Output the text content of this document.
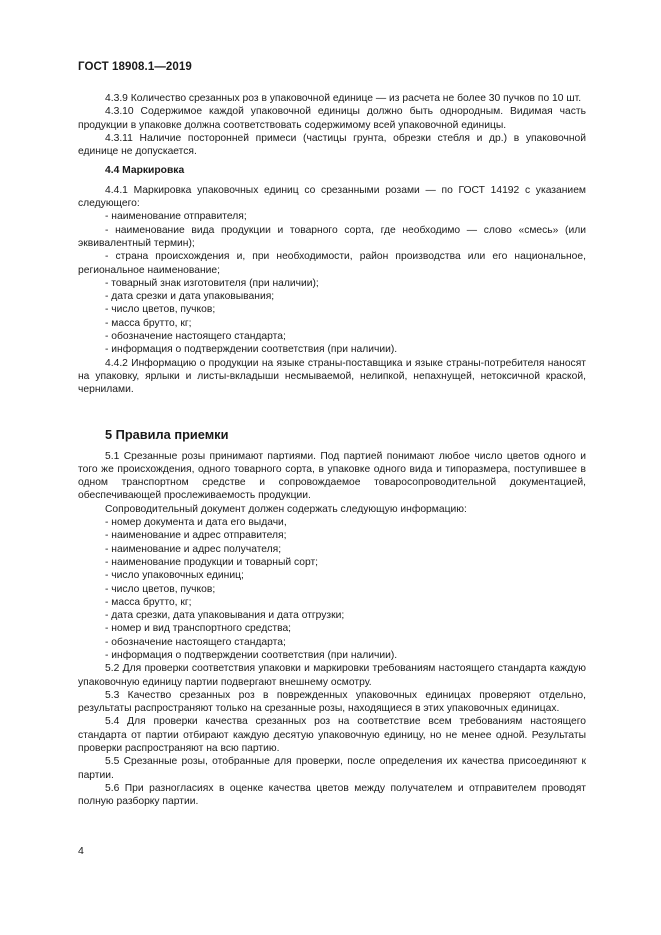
ГОСТ 18908.1—2019

4.3.9 Количество срезанных роз в упаковочной единице — из расчета не более 30 пучков по 10 шт.

4.3.10 Содержимое каждой упаковочной единицы должно быть однородным. Видимая часть продукции в упаковке должна соответствовать содержимому всей упаковочной единицы.

4.3.11 Наличие посторонней примеси (частицы грунта, обрезки стебля и др.) в упаковочной единице не допускается.

4.4 Маркировка

4.4.1 Маркировка упаковочных единиц со срезанными розами — по ГОСТ 14192 с указанием следующего:

- наименование отправителя;

- наименование вида продукции и товарного сорта, где необходимо — слово «смесь» (или эквивалентный термин);

- страна происхождения и, при необходимости, район производства или его национальное, региональное наименование;

- товарный знак изготовителя (при наличии);

- дата срезки и дата упаковывания;

- число цветов, пучков;

- масса брутто, кг;

- обозначение настоящего стандарта;

- информация о подтверждении соответствия (при наличии).

4.4.2 Информацию о продукции на языке страны-поставщика и языке страны-потребителя наносят на упаковку, ярлыки и листы-вкладыши несмываемой, нелипкой, непахнущей, нетоксичной краской, чернилами.

5 Правила приемки

5.1 Срезанные розы принимают партиями. Под партией понимают любое число цветов одного и того же происхождения, одного товарного сорта, в упаковке одного вида и типоразмера, поступившее в одном транспортном средстве и сопровождаемое товаросопроводительной документацией, обеспечивающей прослеживаемость продукции.

Сопроводительный документ должен содержать следующую информацию:

- номер документа и дата его выдачи,

- наименование и адрес отправителя;

- наименование и адрес получателя;

- наименование продукции и товарный сорт;

- число упаковочных единиц;

- число цветов, пучков;

- масса брутто, кг;

- дата срезки, дата упаковывания и дата отгрузки;

- номер и вид транспортного средства;

- обозначение настоящего стандарта;

- информация о подтверждении соответствия (при наличии).

5.2 Для проверки соответствия упаковки и маркировки требованиям настоящего стандарта каждую упаковочную единицу партии подвергают внешнему осмотру.

5.3 Качество срезанных роз в поврежденных упаковочных единицах проверяют отдельно, результаты распространяют только на срезанные розы, находящиеся в этих упаковочных единицах.

5.4 Для проверки качества срезанных роз на соответствие всем требованиям настоящего стандарта от партии отбирают каждую десятую упаковочную единицу, но не менее одной. Результаты проверки распространяют на всю партию.

5.5 Срезанные розы, отобранные для проверки, после определения их качества присоединяют к партии.

5.6 При разногласиях в оценке качества цветов между получателем и отправителем проводят полную разборку партии.

4
